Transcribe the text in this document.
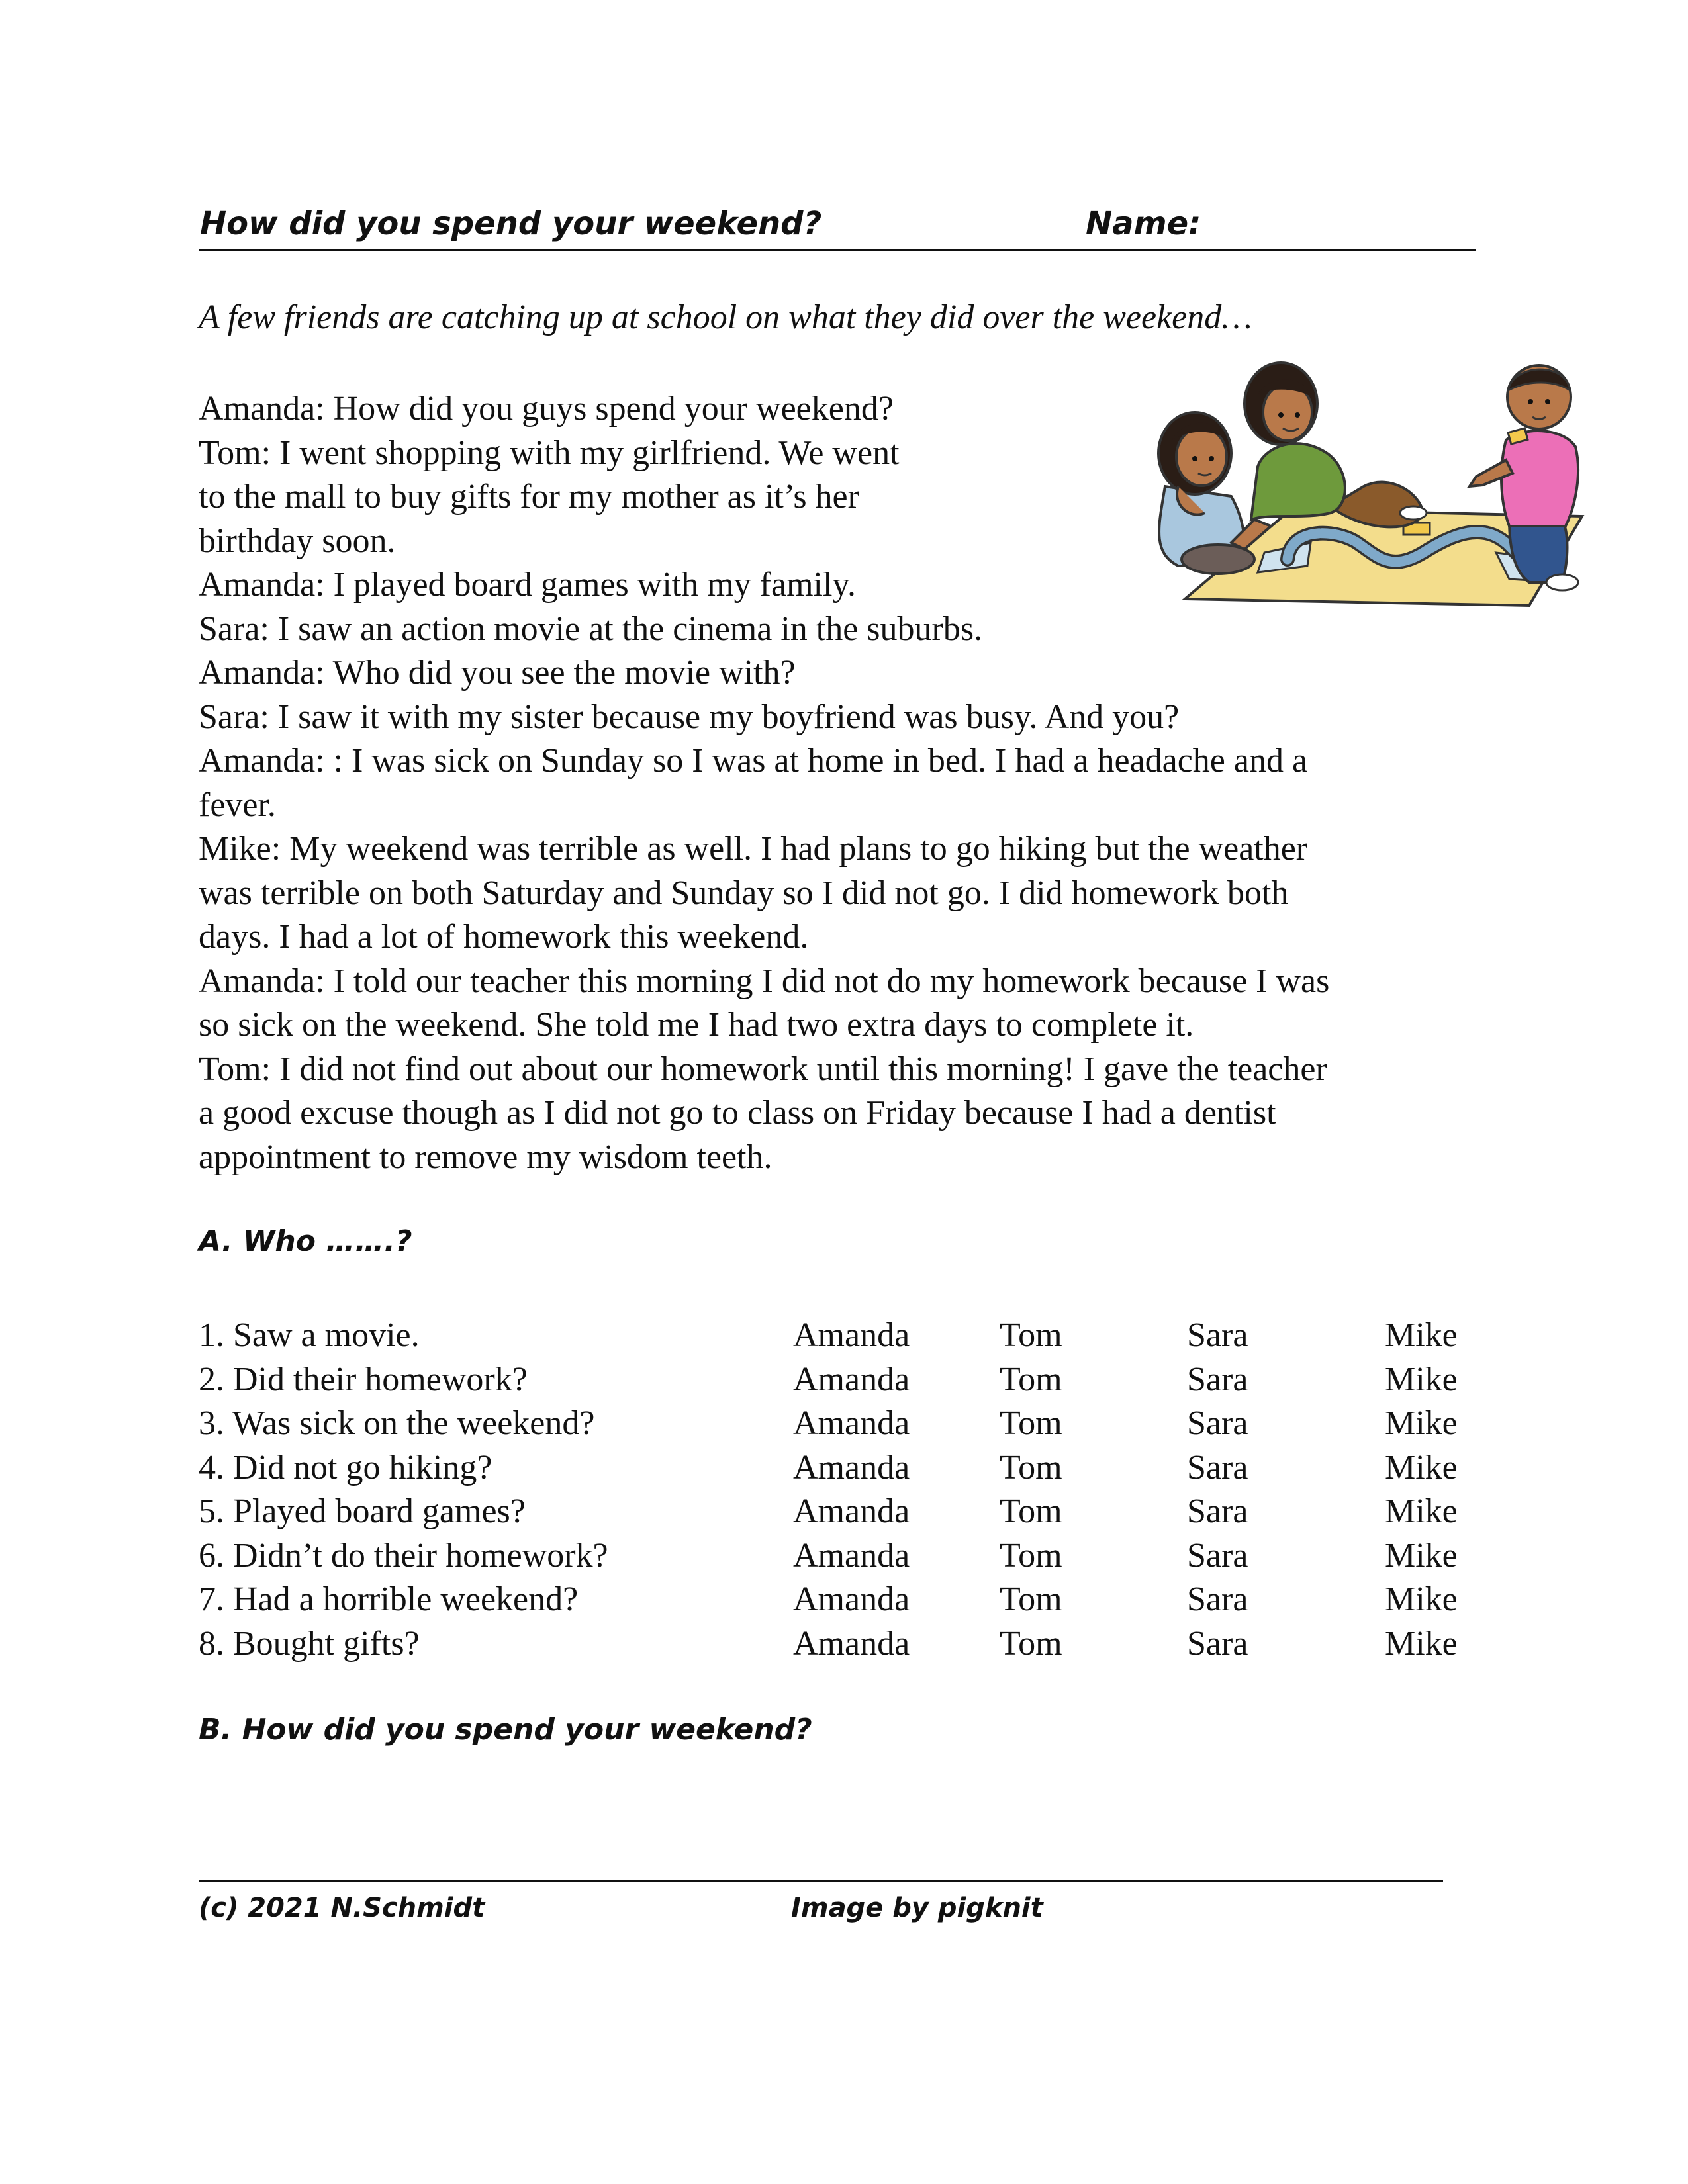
How did you spend your weekend?	Name:
A few friends are catching up at school on what they did over the weekend…
Amanda: How did you guys spend your weekend?
Tom: I went shopping with my girlfriend. We went
to the mall to buy gifts for my mother as it’s her
birthday soon.
Amanda: I played board games with my family.
Sara: I saw an action movie at the cinema in the suburbs.
Amanda: Who did you see the movie with?
Sara: I saw it with my sister because my boyfriend was busy. And you?
Amanda: : I was sick on Sunday so I was at home in bed. I had a headache and a
fever.
Mike: My weekend was terrible as well. I had plans to go hiking but the weather
was terrible on both Saturday and Sunday so I did not go. I did homework both
days. I had a lot of homework this weekend.
Amanda: I told our teacher this morning I did not do my homework because I was
so sick on the weekend. She told me I had two extra days to complete it.
Tom: I did not find out about our homework until this morning! I gave the teacher
a good excuse though as I did not go to class on Friday because I had a dentist
appointment to remove my wisdom teeth.
A. Who …….?
1. Saw a movie.	Amanda	Tom	Sara	Mike
2. Did their homework?	Amanda	Tom	Sara	Mike
3. Was sick on the weekend?	Amanda	Tom	Sara	Mike
4. Did not go hiking?	Amanda	Tom	Sara	Mike
5. Played board games?	Amanda	Tom	Sara	Mike
6. Didn’t do their homework?	Amanda	Tom	Sara	Mike
7. Had a horrible weekend?	Amanda	Tom	Sara	Mike
8. Bought gifts?	Amanda	Tom	Sara	Mike
B. How did you spend your weekend?
(c) 2021 N.Schmidt	Image by pigknit
